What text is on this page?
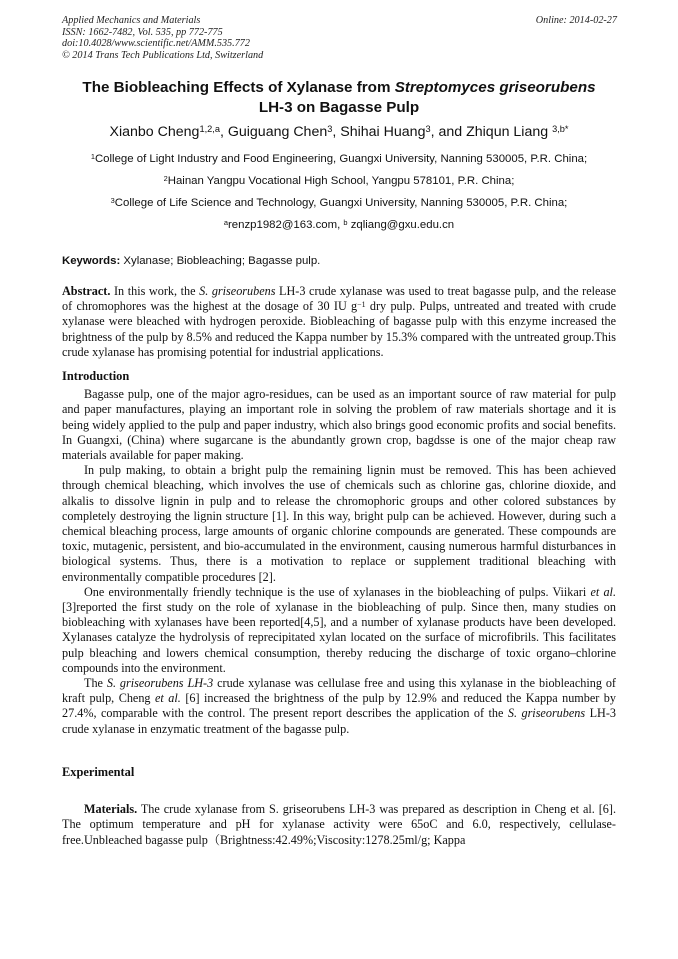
Applied Mechanics and Materials
ISSN: 1662-7482, Vol. 535, pp 772-775
doi:10.4028/www.scientific.net/AMM.535.772
© 2014 Trans Tech Publications Ltd, Switzerland
Online: 2014-02-27
The Biobleaching Effects of Xylanase from Streptomyces griseorubens
LH-3 on Bagasse Pulp
Xianbo Cheng$^{1,2,a}$, Guiguang Chen$^3$, Shihai Huang$^3$, and Zhiqun Liang $^{3,b*}$
$^1$College of Light Industry and Food Engineering, Guangxi University, Nanning 530005, P.R. China;
$^2$Hainan Yangpu Vocational High School, Yangpu 578101, P.R. China;
$^3$College of Life Science and Technology, Guangxi University, Nanning 530005, P.R. China;
$^a$renzp1982@163.com, $^b$ zqliang@gxu.edu.cn
Keywords: Xylanase; Biobleaching; Bagasse pulp.

Abstract. In this work, the S. griseorubens LH-3 crude xylanase was used to treat bagasse pulp, and the release of chromophores was the highest at the dosage of 30 IU $g^{-1}$ dry pulp. Pulps, untreated and treated with crude xylanase were bleached with hydrogen peroxide. Biobleaching of bagasse pulp with this enzyme increased the brightness of the pulp by 8.5% and reduced the Kappa number by 15.3% compared with the untreated group.This crude xylanase has promising potential for industrial applications.

Introduction

Bagasse pulp, one of the major agro-residues, can be used as an important source of raw material for pulp and paper manufactures, playing an important role in solving the problem of raw materials shortage and it is being widely applied to the pulp and paper industry, which also brings good economic profits and social benefits. In Guangxi, (China) where sugarcane is the abundantly grown crop, bagdsse is one of the major cheap raw materials available for paper making.

In pulp making, to obtain a bright pulp the remaining lignin must be removed. This has been achieved through chemical bleaching, which involves the use of chemicals such as chlorine gas, chlorine dioxide, and alkalis to dissolve lignin in pulp and to release the chromophoric groups and other colored substances by completely destroying the lignin structure [1]. In this way, bright pulp can be achieved. However, during such a chemical bleaching process, large amounts of organic chlorine compounds are generated. These compounds are toxic, mutagenic, persistent, and bio-accumulated in the environment, causing numerous harmful disturbances in biological systems. Thus, there is a motivation to replace or supplement traditional bleaching with environmentally compatible procedures [2].

One environmentally friendly technique is the use of xylanases in the biobleaching of pulps. Viikari et al. [3]reported the first study on the role of xylanase in the biobleaching of pulp. Since then, many studies on biobleaching with xylanases have been reported[4,5], and a number of xylanase products have been developed. Xylanases catalyze the hydrolysis of reprecipitated xylan located on the surface of microfibrils. This facilitates pulp bleaching and lowers chemical consumption, thereby reducing the discharge of toxic organo–chlorine compounds into the environment.

The S. griseorubens LH-3 crude xylanase was cellulase free and using this xylanase in the biobleaching of kraft pulp, Cheng et al. [6] increased the brightness of the pulp by 12.9% and reduced the Kappa number by 27.4%, comparable with the control. The present report describes the application of the S. griseorubens LH-3 crude xylanase in enzymatic treatment of the bagasse pulp.

Experimental

Materials. The crude xylanase from S. griseorubens LH-3 was prepared as description in Cheng et al. [6]. The optimum temperature and pH for xylanase activity were 65oC and 6.0, respectively, cellulase- free.Unbleached bagasse pulp（Brightness:42.49%;Viscosity:1278.25ml/g; Kappa
